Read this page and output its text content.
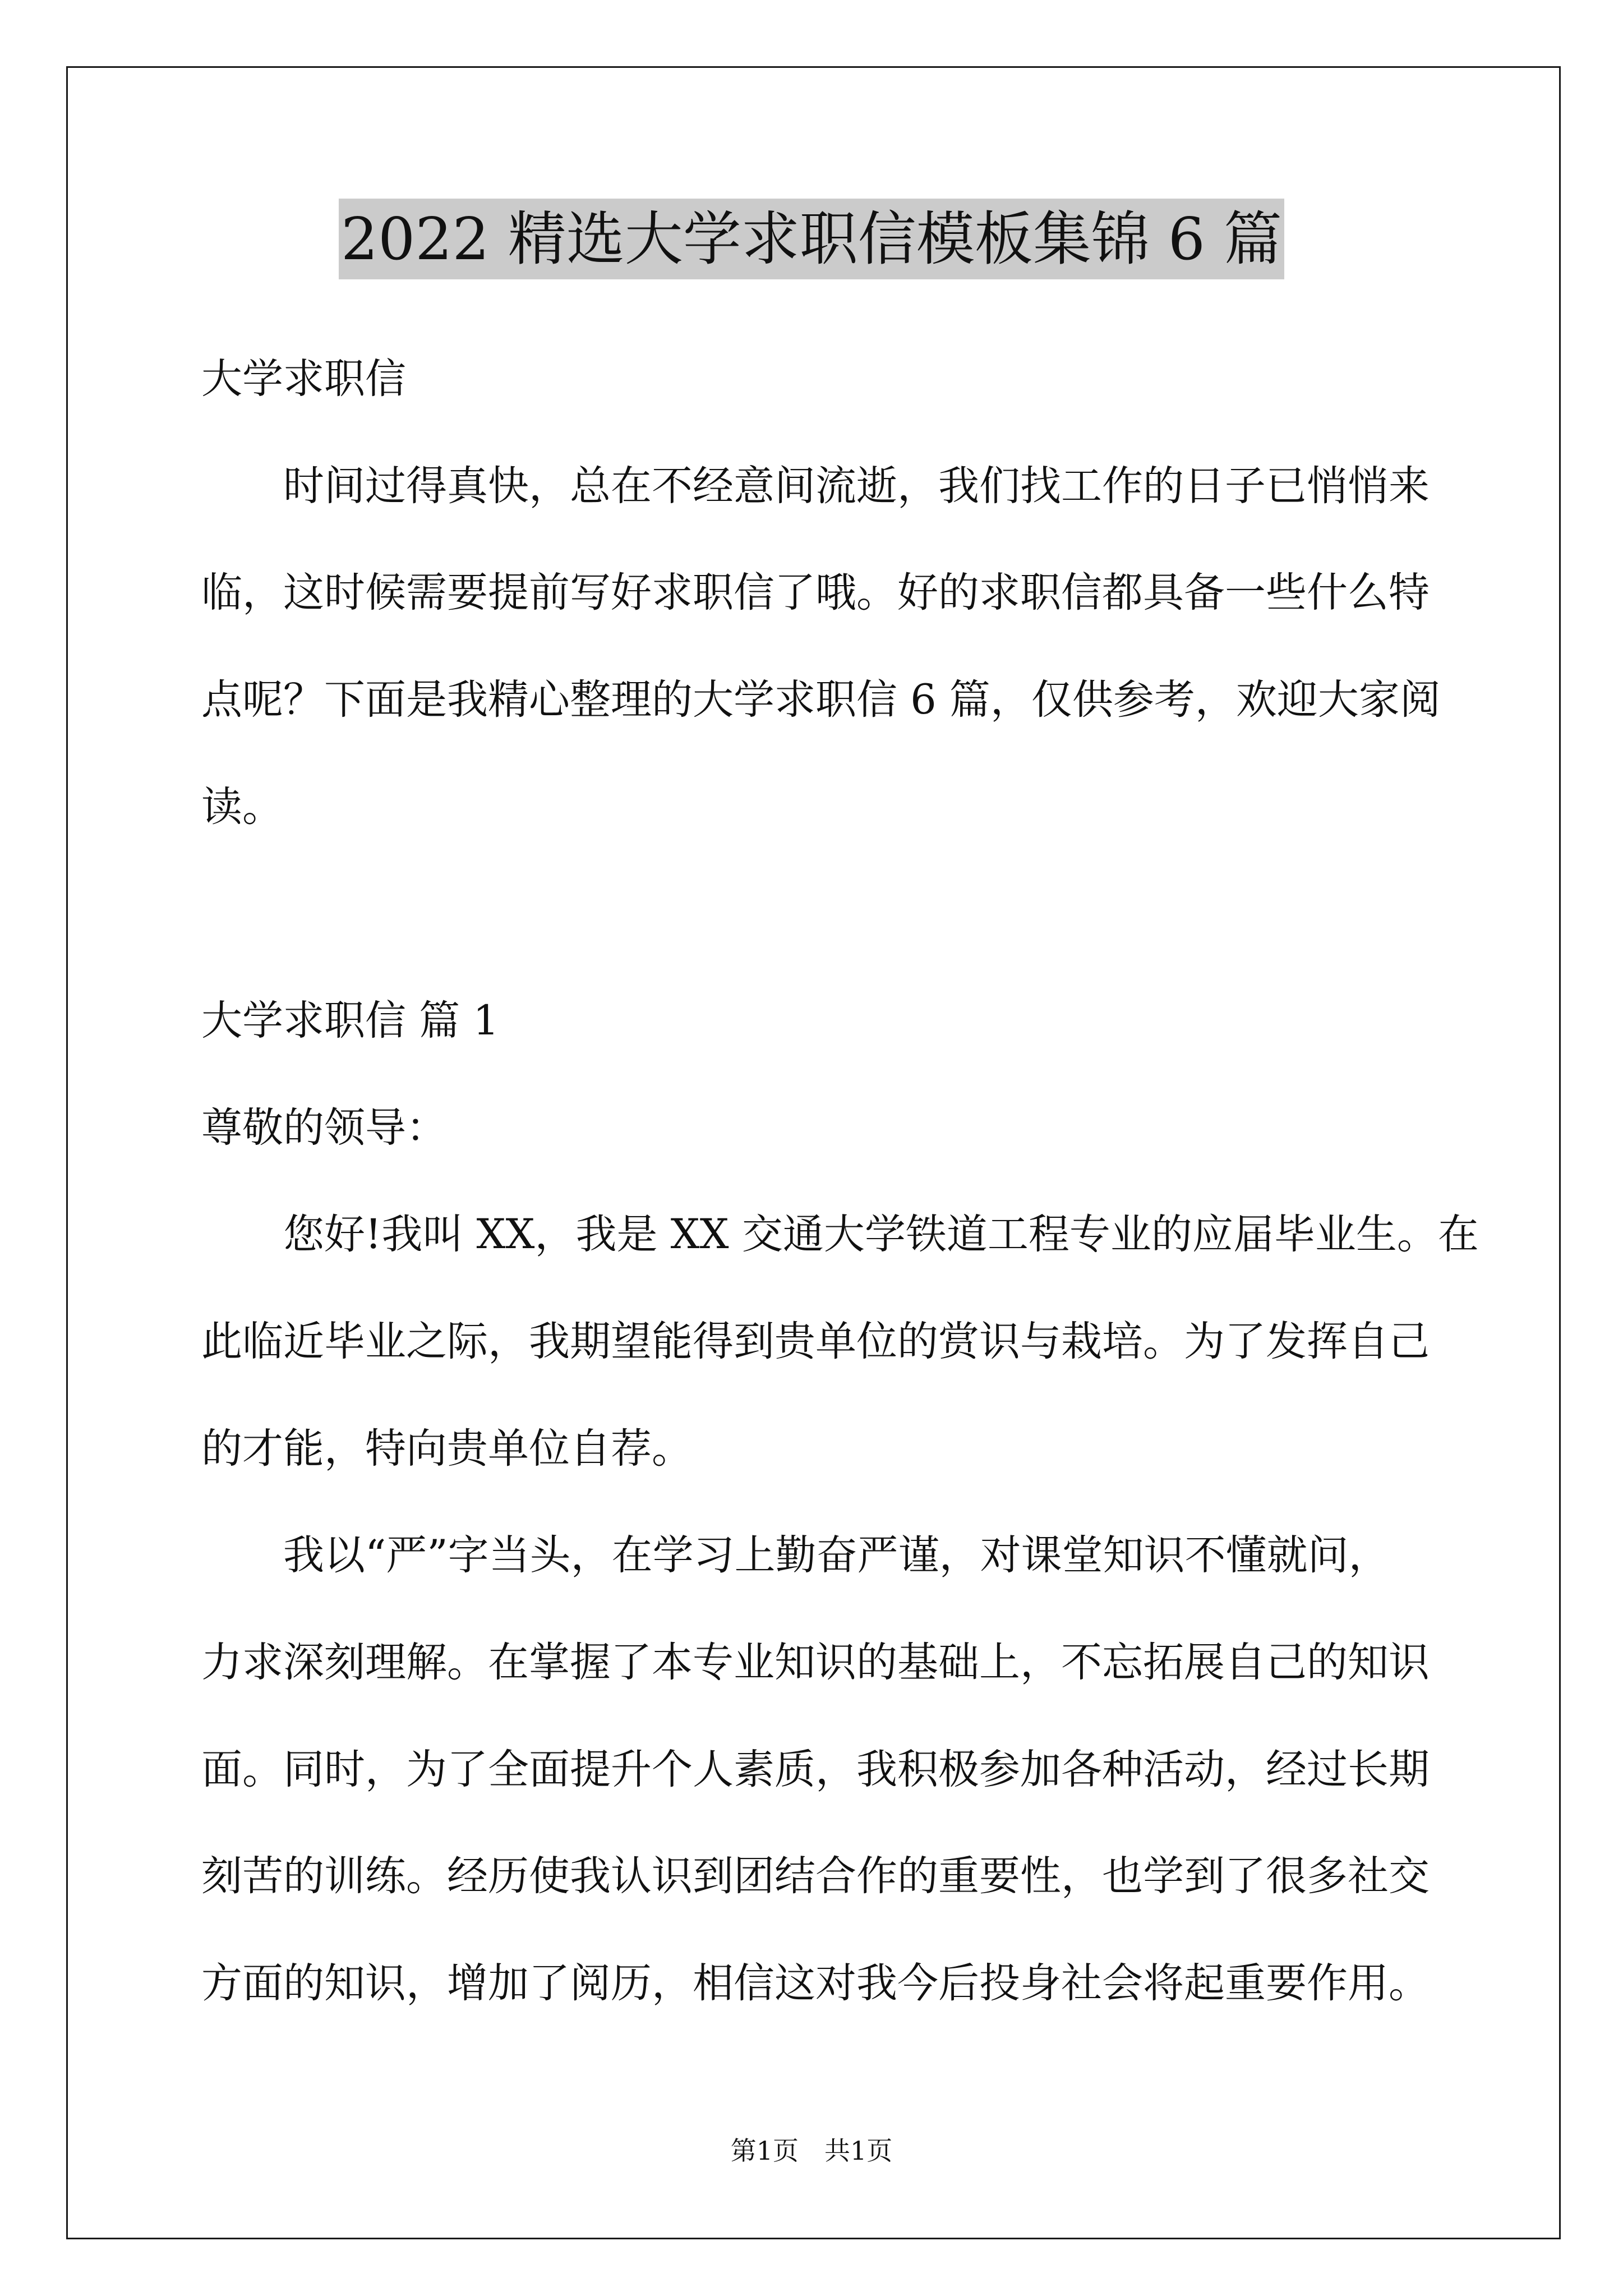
2022 精选大学求职信模板集锦 6 篇
大学求职信
时间过得真快，总在不经意间流逝，我们找工作的日子已悄悄来
临，这时候需要提前写好求职信了哦。好的求职信都具备一些什么特
点呢？下面是我精心整理的大学求职信 6 篇，仅供参考，欢迎大家阅
读。
大学求职信 篇 1
尊敬的领导：
您好!我叫 XX，我是 XX 交通大学铁道工程专业的应届毕业生。在
此临近毕业之际，我期望能得到贵单位的赏识与栽培。为了发挥自己
的才能，特向贵单位自荐。
我以“严”字当头，在学习上勤奋严谨，对课堂知识不懂就问，
力求深刻理解。在掌握了本专业知识的基础上，不忘拓展自己的知识
面。同时，为了全面提升个人素质，我积极参加各种活动，经过长期
刻苦的训练。经历使我认识到团结合作的重要性，也学到了很多社交
方面的知识，增加了阅历，相信这对我今后投身社会将起重要作用。
第1页 共1页
